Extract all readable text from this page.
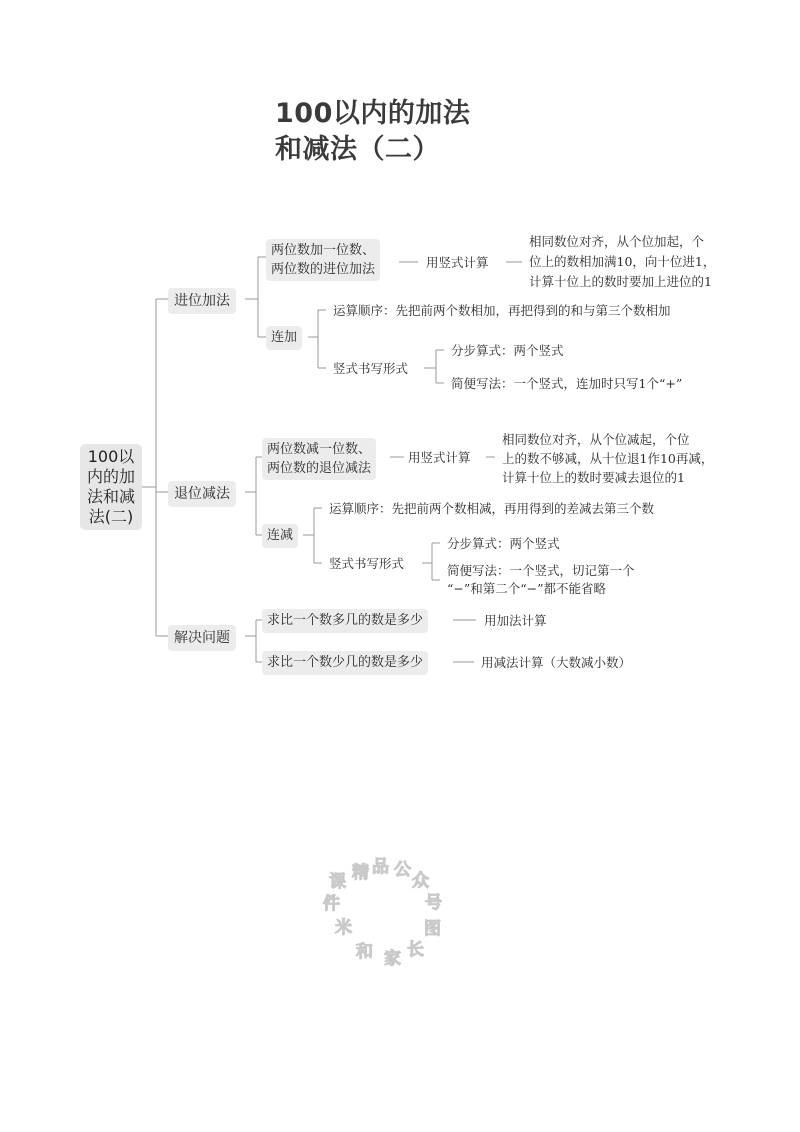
100以内的加法
和减法（二）
100以
内的加
法和减
法(二)
进位加法
两位数加一位数、
两位数的进位加法	用竖式计算
相同数位对齐，从个位加起，个
位上的数相加满10，向十位进1，
计算十位上的数时要加上进位的1
连加
运算顺序：先把前两个数相加，再把得到的和与第三个数相加
竖式书写形式
分步算式：两个竖式
简便写法：一个竖式，连加时只写1个“+”
退位减法
两位数减一位数、
两位数的退位减法
用竖式计算
相同数位对齐，从个位减起，个位
上的数不够减，从十位退1作10再减，
计算十位上的数时要减去退位的1
连减
运算顺序：先把前两个数相减，再用得到的差减去第三个数
竖式书写形式
分步算式：两个竖式
简便写法：一个竖式，切记第一个
“−”和第二个“−”都不能省略
解决问题
求比一个数多几的数是多少	用加法计算
求比一个数少几的数是多少	用减法计算（大数减小数）
精 品
课
公
众
号
图
长
家
和
米
件
